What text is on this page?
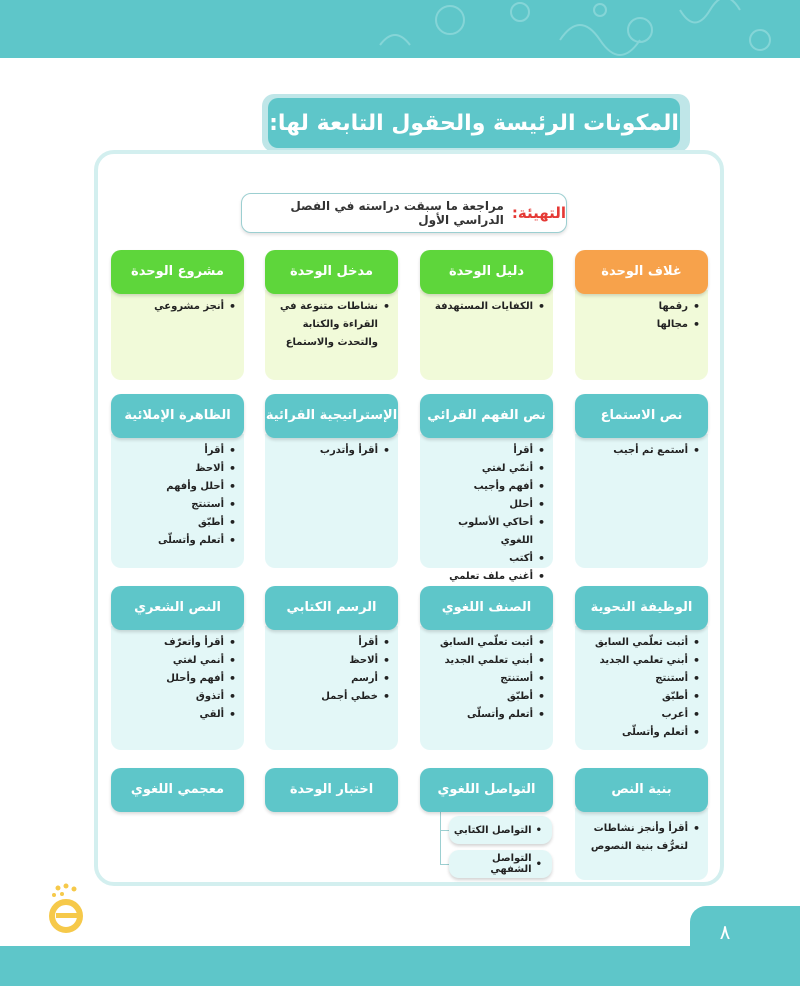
المكونات الرئيسة والحقول التابعة لها:
التهيئة:
مراجعة ما سبقت دراسته في الفصل الدراسي الأول
غلاف الوحدة
• رقمها
• مجالها
دليل الوحدة
• الكفايات المستهدفة
مدخل الوحدة
• نشاطات متنوعة في القراءة والكتابة والتحدث والاستماع
مشروع الوحدة
• أنجز مشروعي
نص الاستماع
• أستمع ثم أجيب
نص الفهم القرائي
• أقرأ
• أنمّي لغتي
• أفهم وأجيب
• أحلل
• أحاكي الأسلوب اللغوي
• أكتب
• أغني ملف تعلمي
الإستراتيجية القرائية
• أقرأ وأتدرب
الظاهرة الإملائية
• أقرأ
• ألاحظ
• أحلل وأفهم
• أستنتج
• أطبّق
• أتعلم وأتسلّى
الوظيفة النحوية
• أثبت تعلّمي السابق
• أبني تعلمي الجديد
• أستنتج
• أطبّق
• أعرب
• أتعلم وأتسلّى
الصنف اللغوي
• أثبت تعلّمي السابق
• أبني تعلمي الجديد
• أستنتج
• أطبّق
• أتعلم وأتسلّى
الرسم الكتابي
• أقرأ
• ألاحظ
• أرسم
• خطي أجمل
النص الشعري
• أقرأ وأتعرّف
• أنمي لغتي
• أفهم وأحلل
• أتذوق
• ألقي
بنية النص
• أقرأ وأنجز نشاطات لتعرُّف بنية النصوص
التواصل اللغوي
• التواصل الكتابي
• التواصل الشفهي
اختبار الوحدة
معجمي اللغوي
٨
